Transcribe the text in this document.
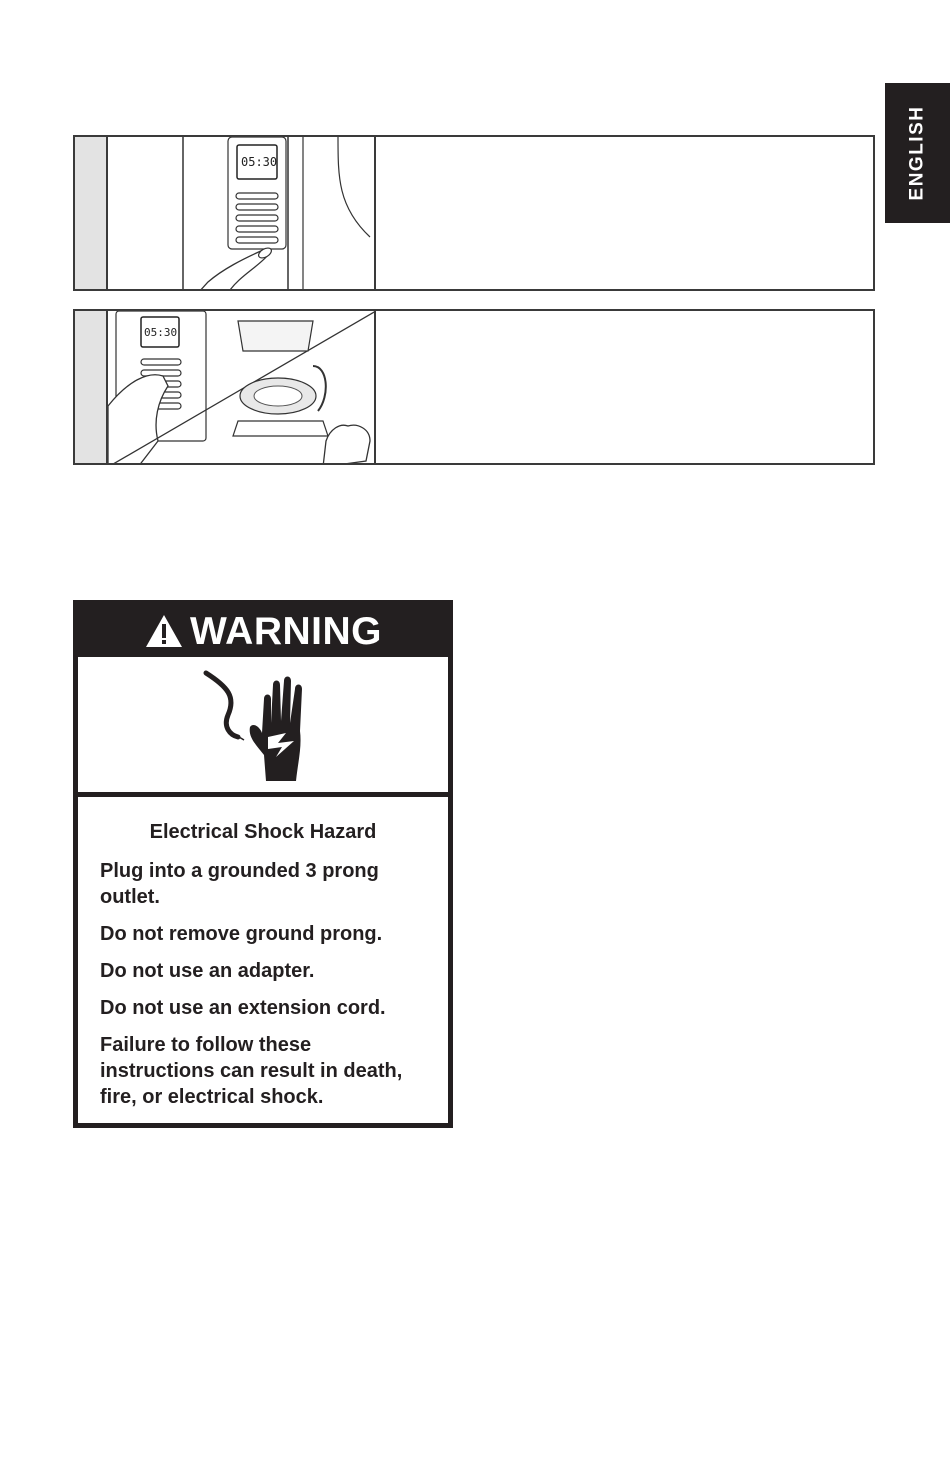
ENGLISH
05:30
05:30
WARNING

Electrical Shock Hazard

Plug into a grounded 3 prong outlet.

Do not remove ground prong.

Do not use an adapter.

Do not use an extension cord.

Failure to follow these instructions can result in death, fire, or electrical shock.
